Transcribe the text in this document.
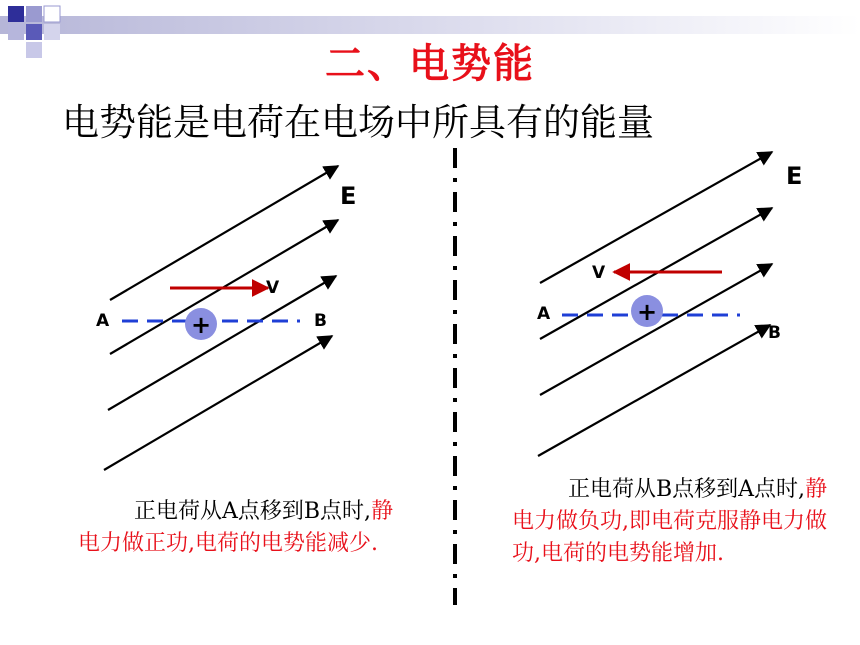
二、电势能
电势能是电荷在电场中所具有的能量
+
E
V
A	B	+
E
V
A
B
正电荷从A点移到B点时,静电力做正功,电荷的电势能减少.
正电荷从B点移到A点时,静电力做负功,即电荷克服静电力做功,电荷的电势能增加.
